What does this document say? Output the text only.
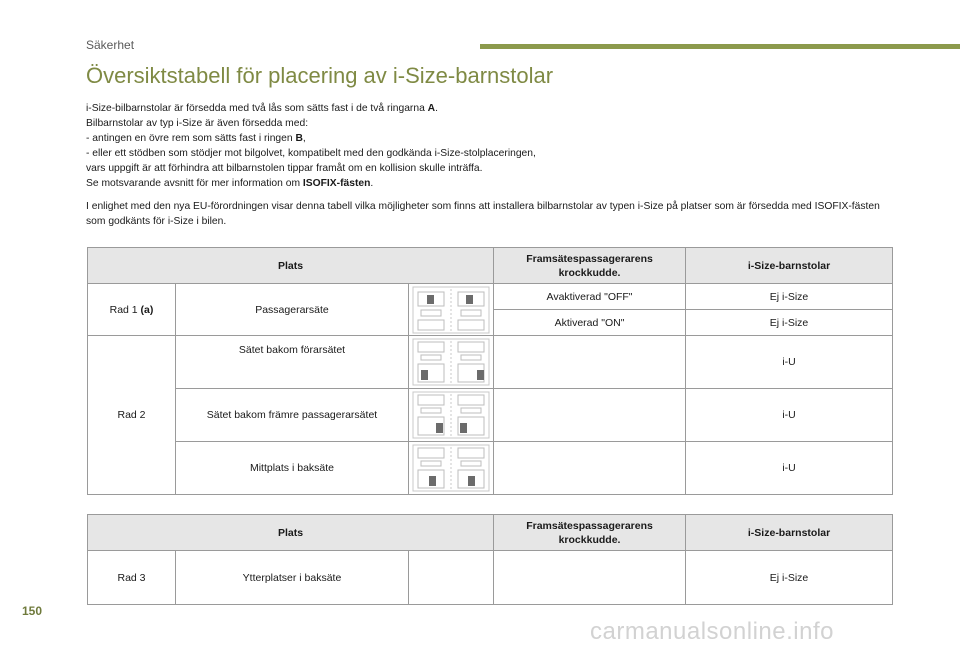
Säkerhet
Översiktstabell för placering av i-Size-barnstolar

i-Size-bilbarnstolar är försedda med två lås som sätts fast i de två ringarna A.

Bilbarnstolar av typ i-Size är även försedda med:

- antingen en övre rem som sätts fast i ringen B,

- eller ett stödben som stödjer mot bilgolvet, kompatibelt med den godkända i-Size-stolplaceringen,

vars uppgift är att förhindra att bilbarnstolen tippar framåt om en kollision skulle inträffa.

Se motsvarande avsnitt för mer information om ISOFIX-fästen.

I enlighet med den nya EU-förordningen visar denna tabell vilka möjligheter som finns att installera bilbarnstolar av typen i-Size på platser som är försedda med ISOFIX-fästen som godkänts för i-Size i bilen.

Plats			Framsätespassagerarens krockkudde.	i-Size-barnstolar
Rad 1 (a)	Passagerarsäte		Avaktiverad "OFF"	Ej i-Size
			Aktiverad "ON"	Ej i-Size
Rad 2	Sätet bakom förarsätet			i-U
	Sätet bakom främre passagerarsätet			i-U
	Mittplats i baksäte			i-U
Plats			Framsätespassagerarens krockkudde.	i-Size-barnstolar
Rad 3	Ytterplatser i baksäte			Ej i-Size
150
carmanualsonline.info
